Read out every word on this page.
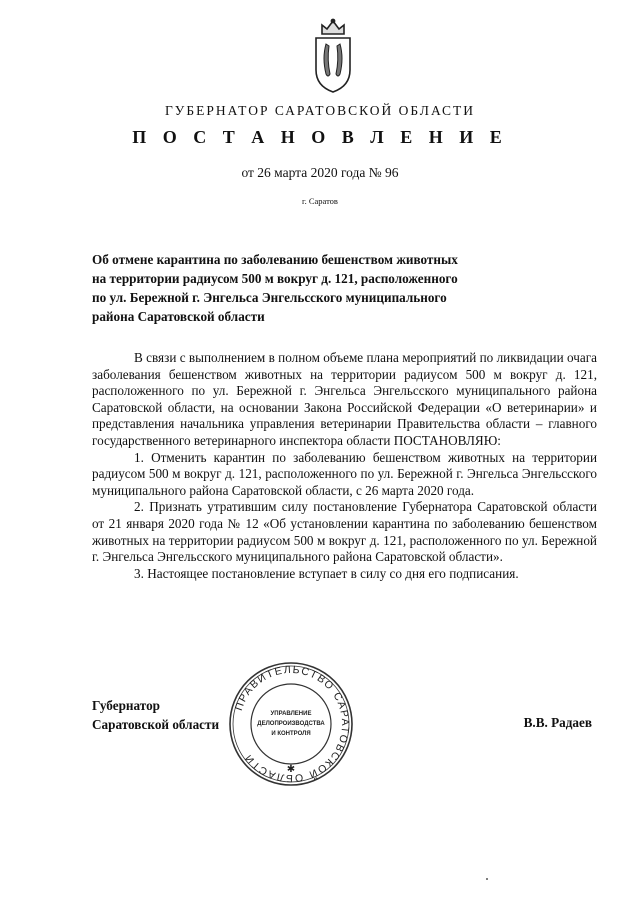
ГУБЕРНАТОР САРАТОВСКОЙ ОБЛАСТИ
П О С Т А Н О В Л Е Н И Е
от 26 марта 2020 года № 96
г. Саратов
Об отмене карантина по заболеванию бешенством животных
на территории радиусом 500 м вокруг д. 121, расположенного
по ул. Бережной г. Энгельса Энгельсского муниципального
района Саратовской области

В связи с выполнением в полном объеме плана мероприятий по ликвидации очага заболевания бешенством животных на территории радиусом 500 м вокруг д. 121, расположенного по ул. Бережной г. Энгельса Энгельсского муниципального района Саратовской области, на основании Закона Российской Федерации «О ветеринарии» и представления начальника управления ветеринарии Правительства области – главного государственного ветеринарного инспектора области ПОСТАНОВЛЯЮ:

1. Отменить карантин по заболеванию бешенством животных на территории радиусом 500 м вокруг д. 121, расположенного по ул. Бережной г. Энгельса Энгельсского муниципального района Саратовской области, с 26 марта 2020 года.

2. Признать утратившим силу постановление Губернатора Саратовской области от 21 января 2020 года № 12 «Об установлении карантина по заболеванию бешенством животных на территории радиусом 500 м вокруг д. 121, расположенного по ул. Бережной г. Энгельса Энгельсского муниципального района Саратовской области».

3. Настоящее постановление вступает в силу со дня его подписания.

Губернатор
Саратовской области
ПРАВИТЕЛЬСТВО САРАТОВСКОЙ ОБЛАСТИ
УПРАВЛЕНИЕ
ДЕЛОПРОИЗВОДСТВА
И КОНТРОЛЯ
✱
В.В. Радаев
